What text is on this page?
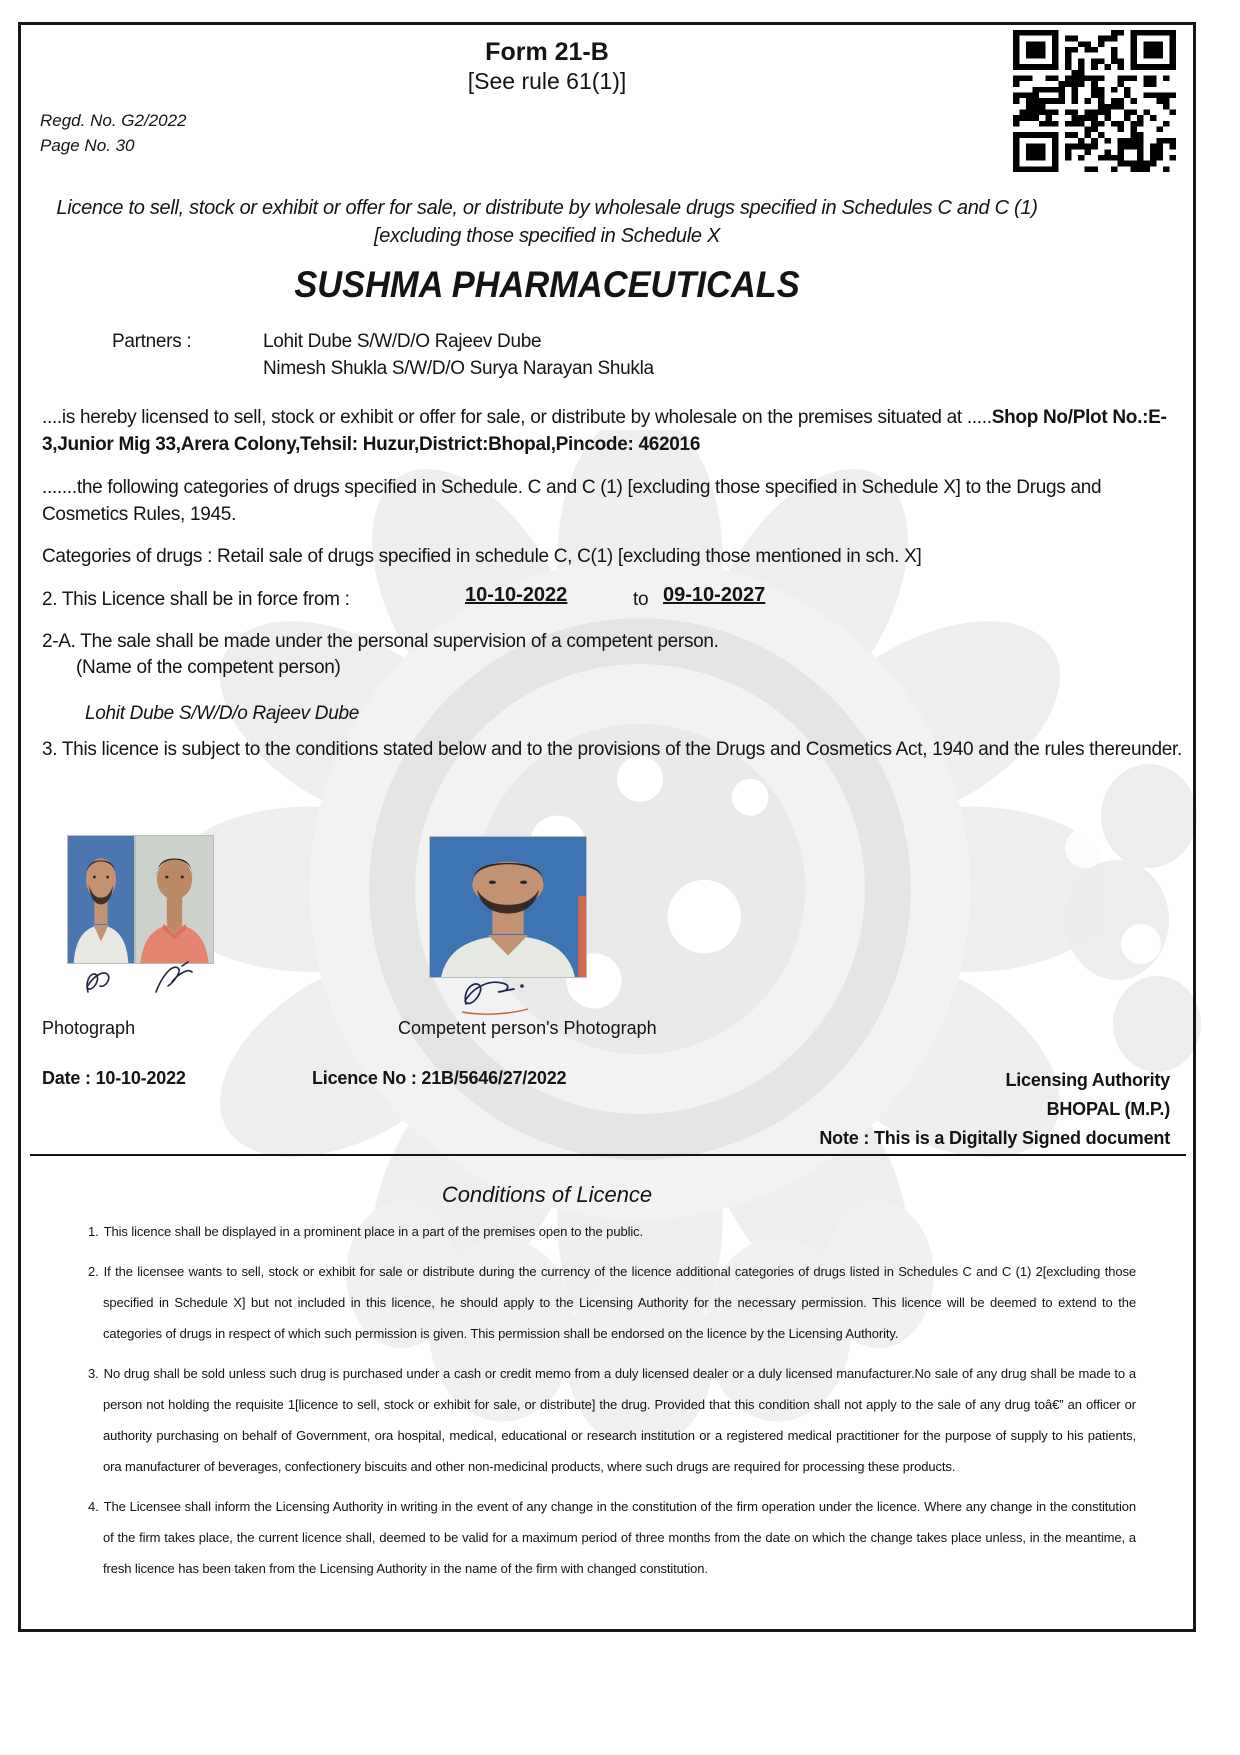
Form 21-B
[See rule 61(1)]
Regd. No. G2/2022
Page No. 30
Licence to sell, stock or exhibit or offer for sale, or distribute by wholesale drugs specified in Schedules C and C (1)
[excluding those specified in Schedule X
SUSHMA PHARMACEUTICALS
Partners :	Lohit Dube S/W/D/O Rajeev Dube
Nimesh Shukla S/W/D/O Surya Narayan Shukla
....is hereby licensed to sell, stock or exhibit or offer for sale, or distribute by wholesale on the premises situated at .....Shop No/Plot No.:E-3,Junior Mig 33,Arera Colony,Tehsil: Huzur,District:Bhopal,Pincode: 462016
.......the following categories of drugs specified in Schedule. C and C (1) [excluding those specified in Schedule X] to the Drugs and Cosmetics Rules, 1945.
Categories of drugs : Retail sale of drugs specified in schedule C, C(1) [excluding those mentioned in sch. X]
2. This Licence shall be in force from :	10-10-2022	to 09-10-2027
2-A. The sale shall be made under the personal supervision of a competent person.
(Name of the competent person)
Lohit Dube S/W/D/o Rajeev Dube
3. This licence is subject to the conditions stated below and to the provisions of the Drugs and Cosmetics Act, 1940 and the rules thereunder.
Photograph	Competent person's Photograph
Date : 10-10-2022	Licence No : 21B/5646/27/2022	Licensing Authority
BHOPAL (M.P.)
Note : This is a Digitally Signed document
Conditions of Licence
1. This licence shall be displayed in a prominent place in a part of the premises open to the public.
2. If the licensee wants to sell, stock or exhibit for sale or distribute during the currency of the licence additional categories of drugs listed in Schedules C and C (1) 2[excluding those specified in Schedule X] but not included in this licence, he should apply to the Licensing Authority for the necessary permission. This licence will be deemed to extend to the categories of drugs in respect of which such permission is given. This permission shall be endorsed on the licence by the Licensing Authority.
3. No drug shall be sold unless such drug is purchased under a cash or credit memo from a duly licensed dealer or a duly licensed manufacturer.No sale of any drug shall be made to a person not holding the requisite 1[licence to sell, stock or exhibit for sale, or distribute] the drug. Provided that this condition shall not apply to the sale of any drug toâ€” an officer or authority purchasing on behalf of Government, ora hospital, medical, educational or research institution or a registered medical practitioner for the purpose of supply to his patients, ora manufacturer of beverages, confectionery biscuits and other non-medicinal products, where such drugs are required for processing these products.
4. The Licensee shall inform the Licensing Authority in writing in the event of any change in the constitution of the firm operation under the licence. Where any change in the constitution of the firm takes place, the current licence shall, deemed to be valid for a maximum period of three months from the date on which the change takes place unless, in the meantime, a fresh licence has been taken from the Licensing Authority in the name of the firm with changed constitution.
